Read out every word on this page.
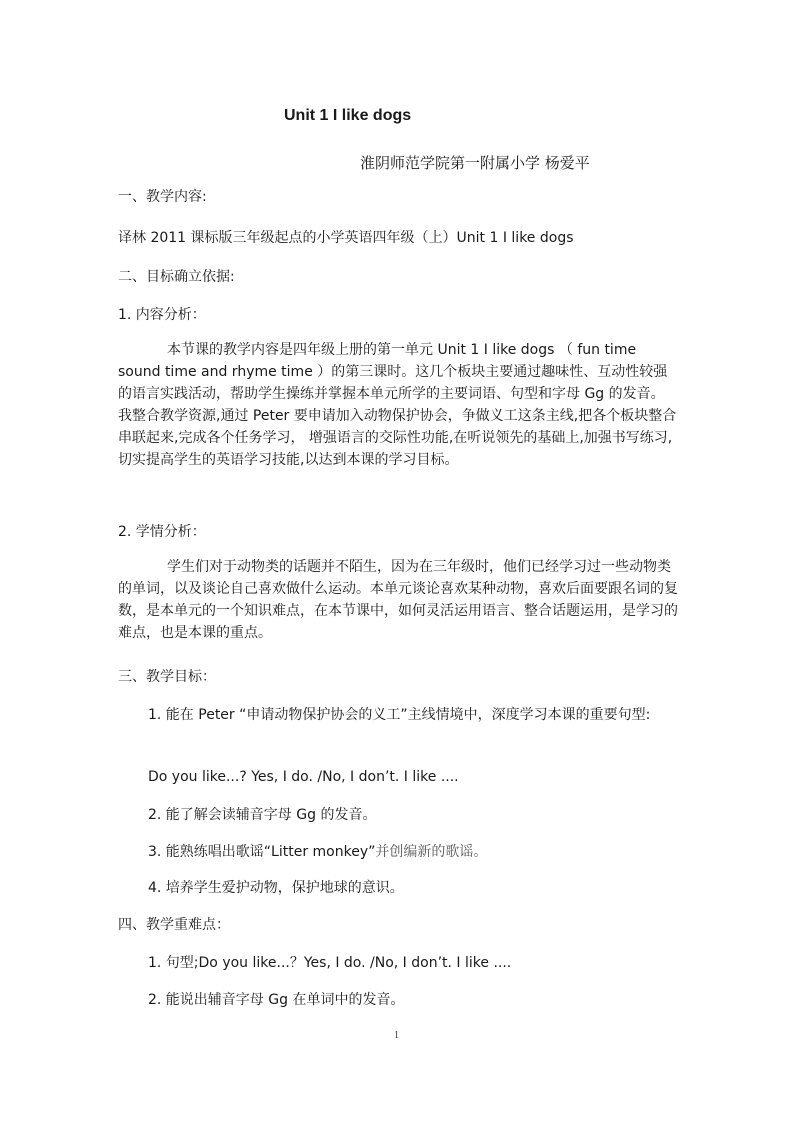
Unit 1 I like dogs
淮阴师范学院第一附属小学 杨爱平
一、教学内容:
译林 2011 课标版三年级起点的小学英语四年级（上）Unit 1 I like dogs
二、目标确立依据:
1. 内容分析：
本节课的教学内容是四年级上册的第一单元 Unit 1 I like dogs （ fun time sound time and rhyme time ）的第三课时。这几个板块主要通过趣味性、互动性较强的语言实践活动，帮助学生操练并掌握本单元所学的主要词语、句型和字母 Gg 的发音。我整合教学资源,通过 Peter 要申请加入动物保护协会，争做义工这条主线,把各个板块整合串联起来,完成各个任务学习， 增强语言的交际性功能,在听说领先的基础上,加强书写练习,切实提高学生的英语学习技能,以达到本课的学习目标。
2. 学情分析：
学生们对于动物类的话题并不陌生，因为在三年级时，他们已经学习过一些动物类的单词，以及谈论自己喜欢做什么运动。本单元谈论喜欢某种动物，喜欢后面要跟名词的复数，是本单元的一个知识难点，在本节课中，如何灵活运用语言、整合话题运用，是学习的难点，也是本课的重点。
三、教学目标：
1. 能在 Peter “申请动物保护协会的义工”主线情境中，深度学习本课的重要句型:
Do you like...? Yes, I do. /No, I don’t. I like ....
2. 能了解会读辅音字母 Gg 的发音。
3. 能熟练唱出歌谣“Litter monkey”并创编新的歌谣。
4. 培养学生爱护动物，保护地球的意识。
四、教学重难点：
1. 句型;Do you like...？Yes, I do. /No, I don’t. I like ....
2. 能说出辅音字母 Gg 在单词中的发音。
1
